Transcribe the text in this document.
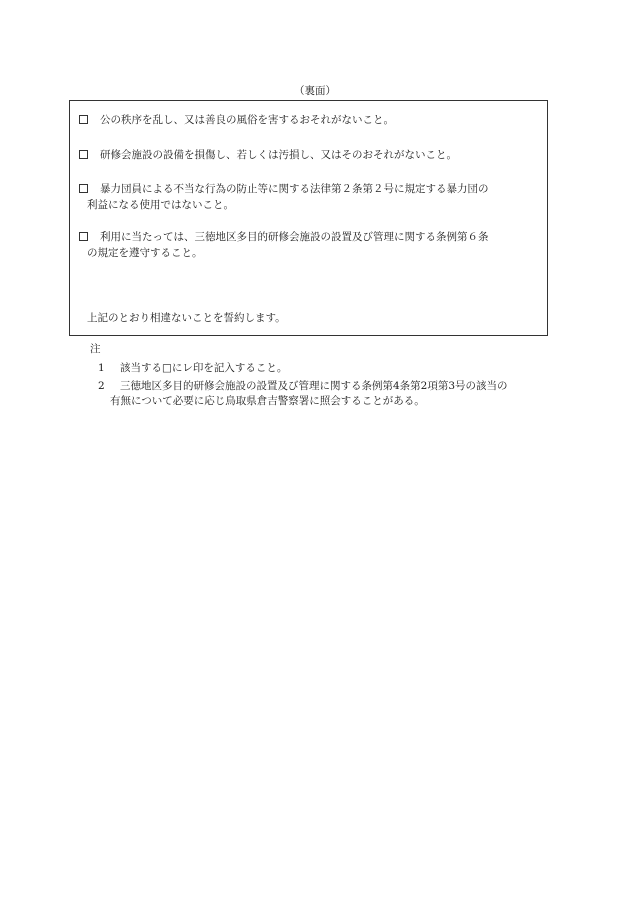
（裏面）
公の秩序を乱し、又は善良の風俗を害するおそれがないこと。
研修会施設の設備を損傷し、若しくは汚損し、又はそのおそれがないこと。
暴力団員による不当な行為の防止等に関する法律第２条第２号に規定する暴力団の
利益になる使用ではないこと。
利用に当たっては、三徳地区多目的研修会施設の設置及び管理に関する条例第６条
の規定を遵守すること。
上記のとおり相違ないことを誓約します。
注
1 該当する□にレ印を記入すること。
2 三徳地区多目的研修会施設の設置及び管理に関する条例第4条第2項第3号の該当の
有無について必要に応じ鳥取県倉吉警察署に照会することがある。
